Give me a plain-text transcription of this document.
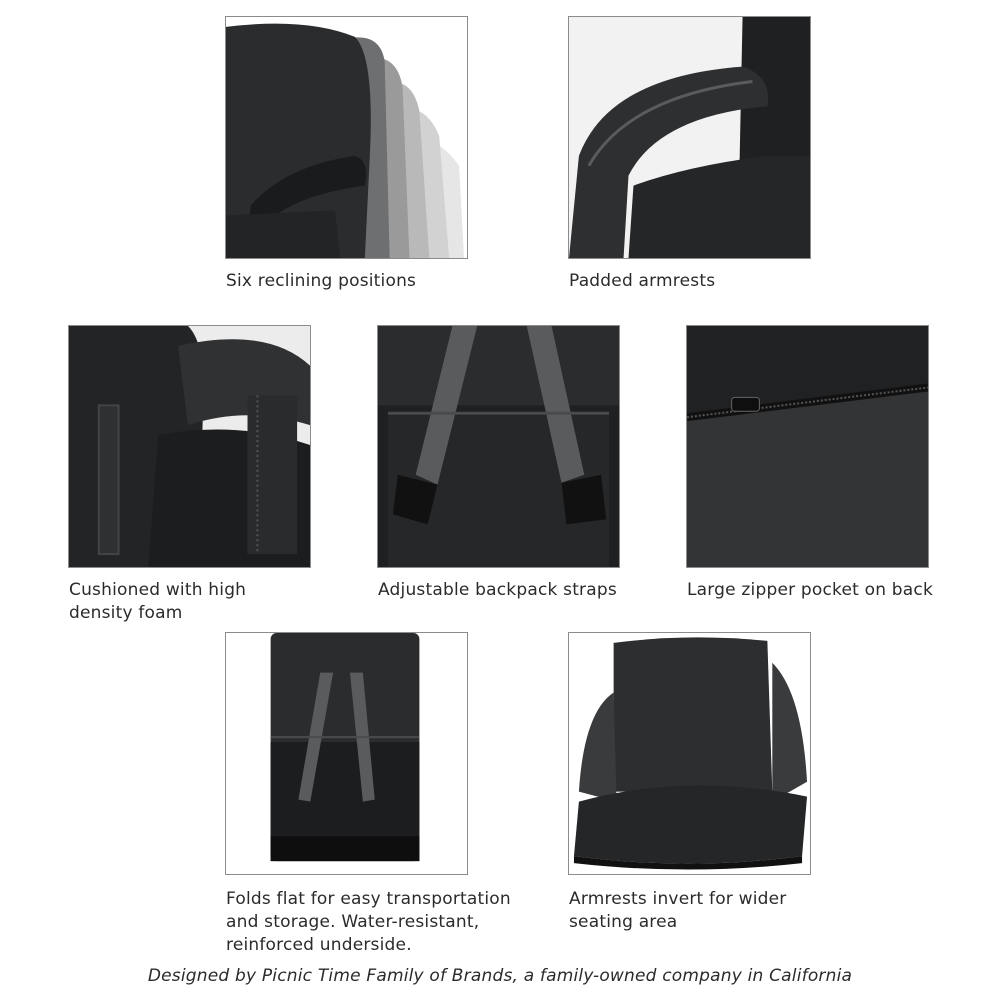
Six reclining positions	Padded armrests
Cushioned with high
density foam
Adjustable backpack straps	Large zipper pocket on back
Folds flat for easy transportation
and storage. Water-resistant,
reinforced underside.
Armrests invert for wider
seating area
Designed by Picnic Time Family of Brands, a family-owned company in California
